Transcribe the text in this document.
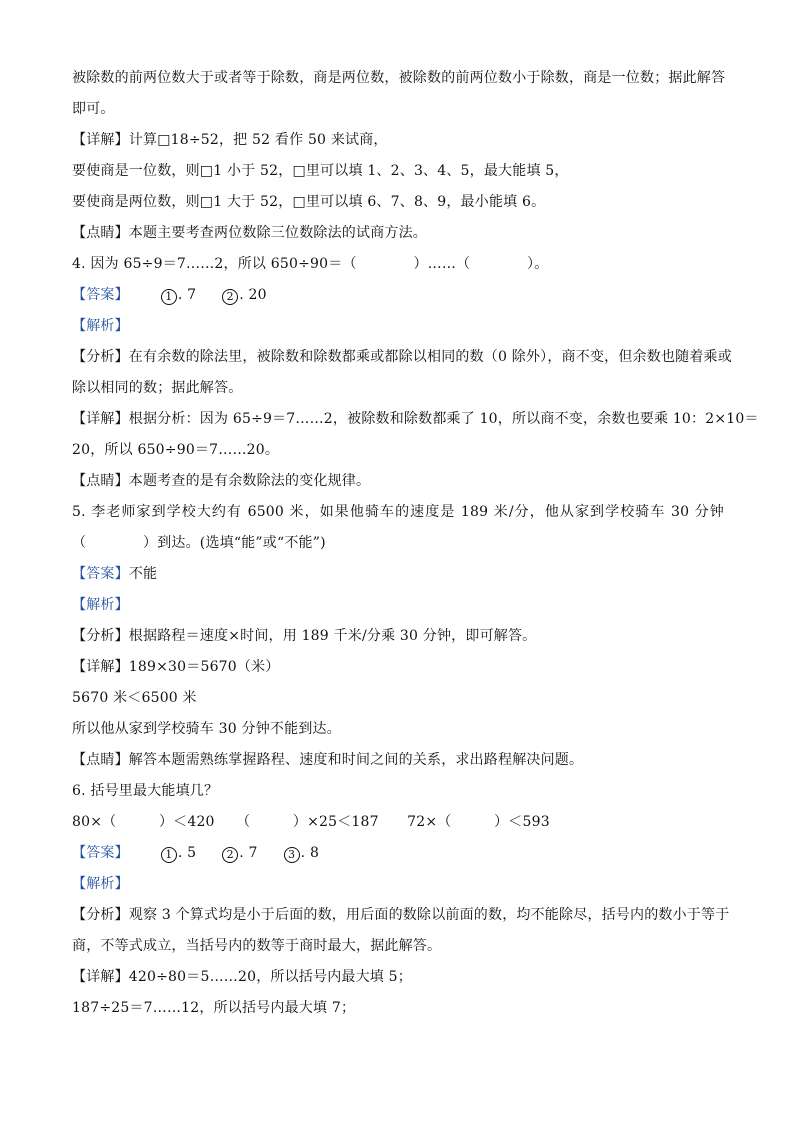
被除数的前两位数大于或者等于除数，商是两位数，被除数的前两位数小于除数，商是一位数；据此解答
即可。
【详解】计算□18÷52，把 52 看作 50 来试商，
要使商是一位数，则□1 小于 52，□里可以填 1、2、3、4、5，最大能填 5，
要使商是两位数，则□1 大于 52，□里可以填 6、7、8、9，最小能填 6。
【点睛】本题主要考查两位数除三位数除法的试商方法。
4. 因为 65÷9＝7……2，所以 650÷90＝（　　　　）……（　　　　）。
【答案】	1 . 7	2 . 20
【解析】
【分析】在有余数的除法里，被除数和除数都乘或都除以相同的数（0 除外），商不变，但余数也随着乘或
除以相同的数；据此解答。
【详解】根据分析：因为 65÷9＝7……2，被除数和除数都乘了 10，所以商不变，余数也要乘 10：2×10＝
20，所以 650÷90＝7……20。
【点睛】本题考查的是有余数除法的变化规律。
5. 李老师家到学校大约有 6500 米，如果他骑车的速度是 189 米/分，他从家到学校骑车 30 分钟
（　　　　）到达。(选填“能”或“不能”)
【答案】不能
【解析】
【分析】根据路程＝速度×时间，用 189 千米/分乘 30 分钟，即可解答。
【详解】189×30＝5670（米）
5670 米＜6500 米
所以他从家到学校骑车 30 分钟不能到达。
【点睛】解答本题需熟练掌握路程、速度和时间之间的关系，求出路程解决问题。
6. 括号里最大能填几？
80×（　　　）＜420　　（　　　）×25＜187　　72×（　　　）＜593
【答案】	1 . 5	2 . 7	3 . 8
【解析】
【分析】观察 3 个算式均是小于后面的数，用后面的数除以前面的数，均不能除尽，括号内的数小于等于
商，不等式成立，当括号内的数等于商时最大，据此解答。
【详解】420÷80＝5……20，所以括号内最大填 5；
187÷25＝7……12，所以括号内最大填 7；
